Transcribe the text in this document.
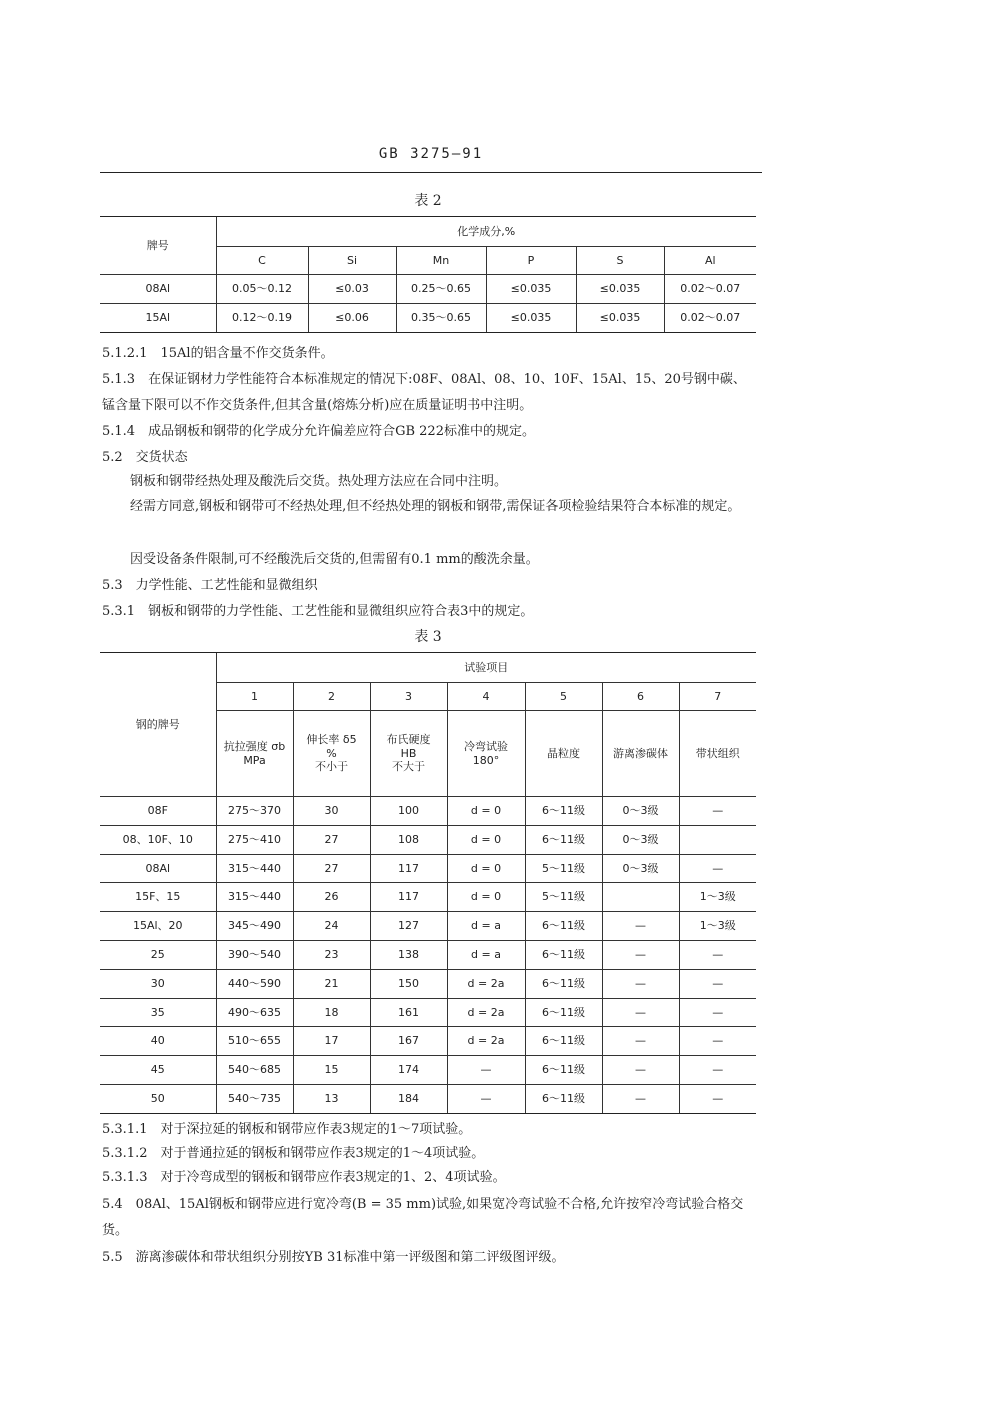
GB 3275—91
表 2
牌号	化学成分,%					
	C	Si	Mn	P	S	Al
08Al	0.05～0.12	≤0.03	0.25～0.65	≤0.035	≤0.035	0.02～0.07
15Al	0.12～0.19	≤0.06	0.35～0.65	≤0.035	≤0.035	0.02～0.07
5.1.2.1　15Al的铝含量不作交货条件。
5.1.3　在保证钢材力学性能符合本标准规定的情况下:08F、08Al、08、10、10F、15Al、15、20号钢中碳、
锰含量下限可以不作交货条件,但其含量(熔炼分析)应在质量证明书中注明。
5.1.4　成品钢板和钢带的化学成分允许偏差应符合GB 222标准中的规定。
5.2　交货状态
钢板和钢带经热处理及酸洗后交货。热处理方法应在合同中注明。
经需方同意,钢板和钢带可不经热处理,但不经热处理的钢板和钢带,需保证各项检验结果符合本标准的规定。
因受设备条件限制,可不经酸洗后交货的,但需留有0.1 mm的酸洗余量。
5.3　力学性能、工艺性能和显微组织
5.3.1　钢板和钢带的力学性能、工艺性能和显微组织应符合表3中的规定。
表 3
钢的牌号	试验项目						
	1	2	3	4	5	6	7
	抗拉强度 σb
MPa	伸长率 δ5
%
不小于	布氏硬度
HB
不大于	冷弯试验
180°	晶粒度	游离渗碳体	带状组织
08F	275～370	30	100	d = 0	6～11级	0～3级	—
08、10F、10	275～410	27	108	d = 0	6～11级	0～3级	
08Al	315～440	27	117	d = 0	5～11级	0～3级	—
15F、15	315～440	26	117	d = 0	5～11级		1～3级
15Al、20	345～490	24	127	d = a	6～11级	—	1～3级
25	390～540	23	138	d = a	6～11级	—	—
30	440～590	21	150	d = 2a	6～11级	—	—
35	490～635	18	161	d = 2a	6～11级	—	—
40	510～655	17	167	d = 2a	6～11级	—	—
45	540～685	15	174	—	6～11级	—	—
50	540～735	13	184	—	6～11级	—	—
5.3.1.1　对于深拉延的钢板和钢带应作表3规定的1～7项试验。
5.3.1.2　对于普通拉延的钢板和钢带应作表3规定的1～4项试验。
5.3.1.3　对于冷弯成型的钢板和钢带应作表3规定的1、2、4项试验。
5.4　08Al、15Al钢板和钢带应进行宽冷弯(B = 35 mm)试验,如果宽冷弯试验不合格,允许按窄冷弯试验合格交货。
5.5　游离渗碳体和带状组织分别按YB 31标准中第一评级图和第二评级图评级。
